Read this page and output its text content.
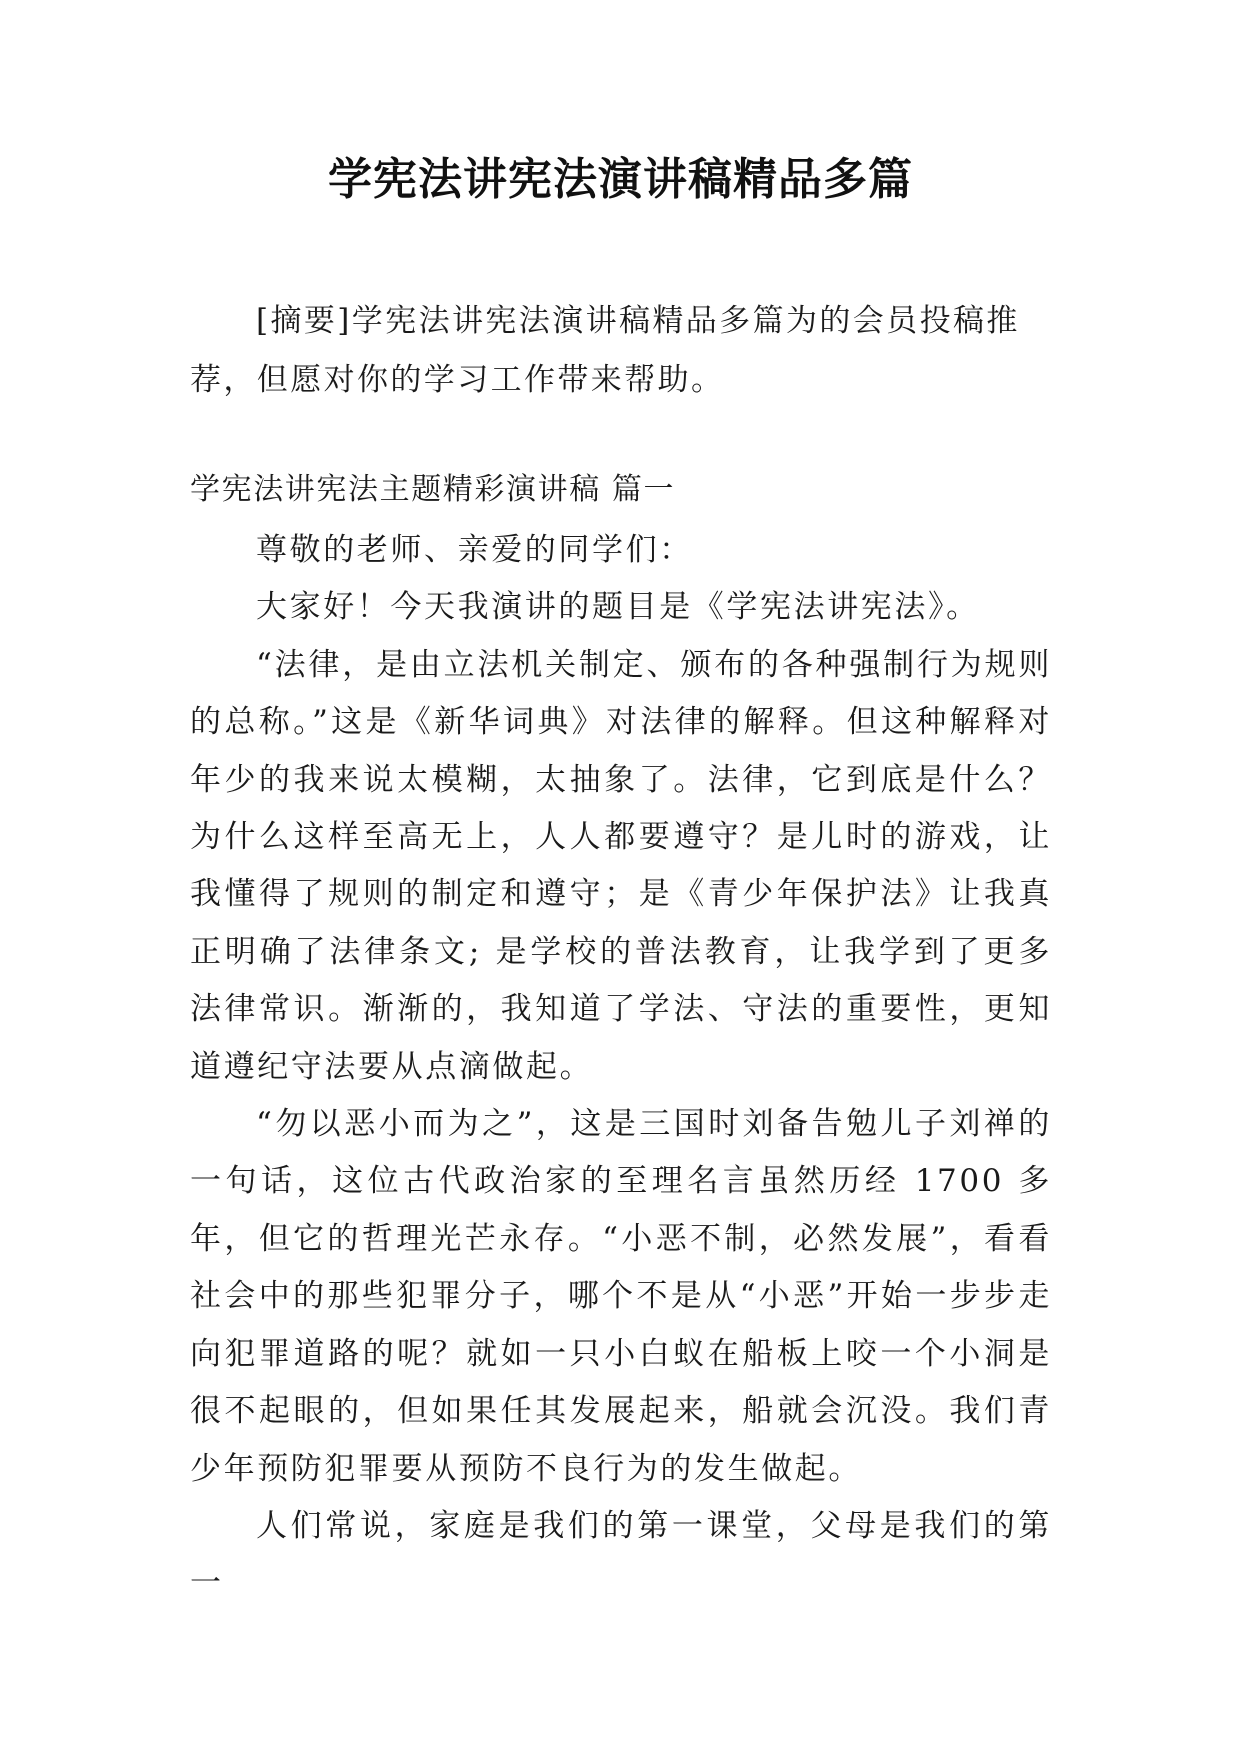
学宪法讲宪法演讲稿精品多篇
[摘要]学宪法讲宪法演讲稿精品多篇为的会员投稿推荐，但愿对你的学习工作带来帮助。
学宪法讲宪法主题精彩演讲稿 篇一

尊敬的老师、亲爱的同学们：

大家好！今天我演讲的题目是《学宪法讲宪法》。

“法律，是由立法机关制定、颁布的各种强制行为规则的总称。”这是《新华词典》对法律的解释。但这种解释对年少的我来说太模糊，太抽象了。法律，它到底是什么？为什么这样至高无上，人人都要遵守？是儿时的游戏，让我懂得了规则的制定和遵守；是《青少年保护法》让我真正明确了法律条文; 是学校的普法教育，让我学到了更多法律常识。渐渐的，我知道了学法、守法的重要性，更知道遵纪守法要从点滴做起。

“勿以恶小而为之”，这是三国时刘备告勉儿子刘禅的一句话，这位古代政治家的至理名言虽然历经 1700 多年，但它的哲理光芒永存。“小恶不制，必然发展”，看看社会中的那些犯罪分子，哪个不是从“小恶”开始一步步走向犯罪道路的呢？就如一只小白蚁在船板上咬一个小洞是很不起眼的，但如果任其发展起来，船就会沉没。我们青少年预防犯罪要从预防不良行为的发生做起。

人们常说，家庭是我们的第一课堂，父母是我们的第一
